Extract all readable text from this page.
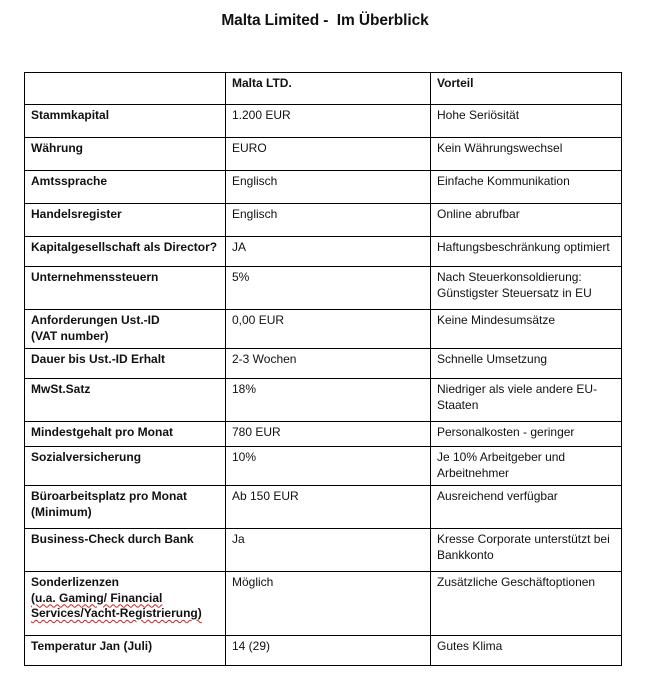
Malta Limited -  Im Überblick
	Malta LTD.	Vorteil

Stammkapital	1.200 EUR	Hohe Seriösität

Währung	EURO	Kein Währungswechsel

Amtssprache	Englisch	Einfache Kommunikation

Handelsregister	Englisch	Online abrufbar

Kapitalgesellschaft als Director?	JA	Haftungsbeschränkung optimiert

Unternehmenssteuern	5%	Nach Steuerkonsoldierung:
Günstigster Steuersatz in EU

Anforderungen Ust.-ID
(VAT number)	0,00 EUR	Keine Mindesumsätze

Dauer bis Ust.-ID Erhalt	2-3 Wochen	Schnelle Umsetzung

MwSt.Satz	18%	Niedriger als viele andere EU-
Staaten

Mindestgehalt pro Monat	780 EUR	Personalkosten - geringer

Sozialversicherung	10%	Je 10% Arbeitgeber und
Arbeitnehmer

Büroarbeitsplatz pro Monat
(Minimum)	Ab 150 EUR	Ausreichend verfügbar

Business-Check durch Bank	Ja	Kresse Corporate unterstützt bei
Bankkonto

Sonderlizenzen
(u.a. Gaming/ Financial
Services/Yacht-Registrierung)	Möglich	Zusätzliche Geschäftoptionen

Temperatur Jan (Juli)	14 (29)	Gutes Klima
